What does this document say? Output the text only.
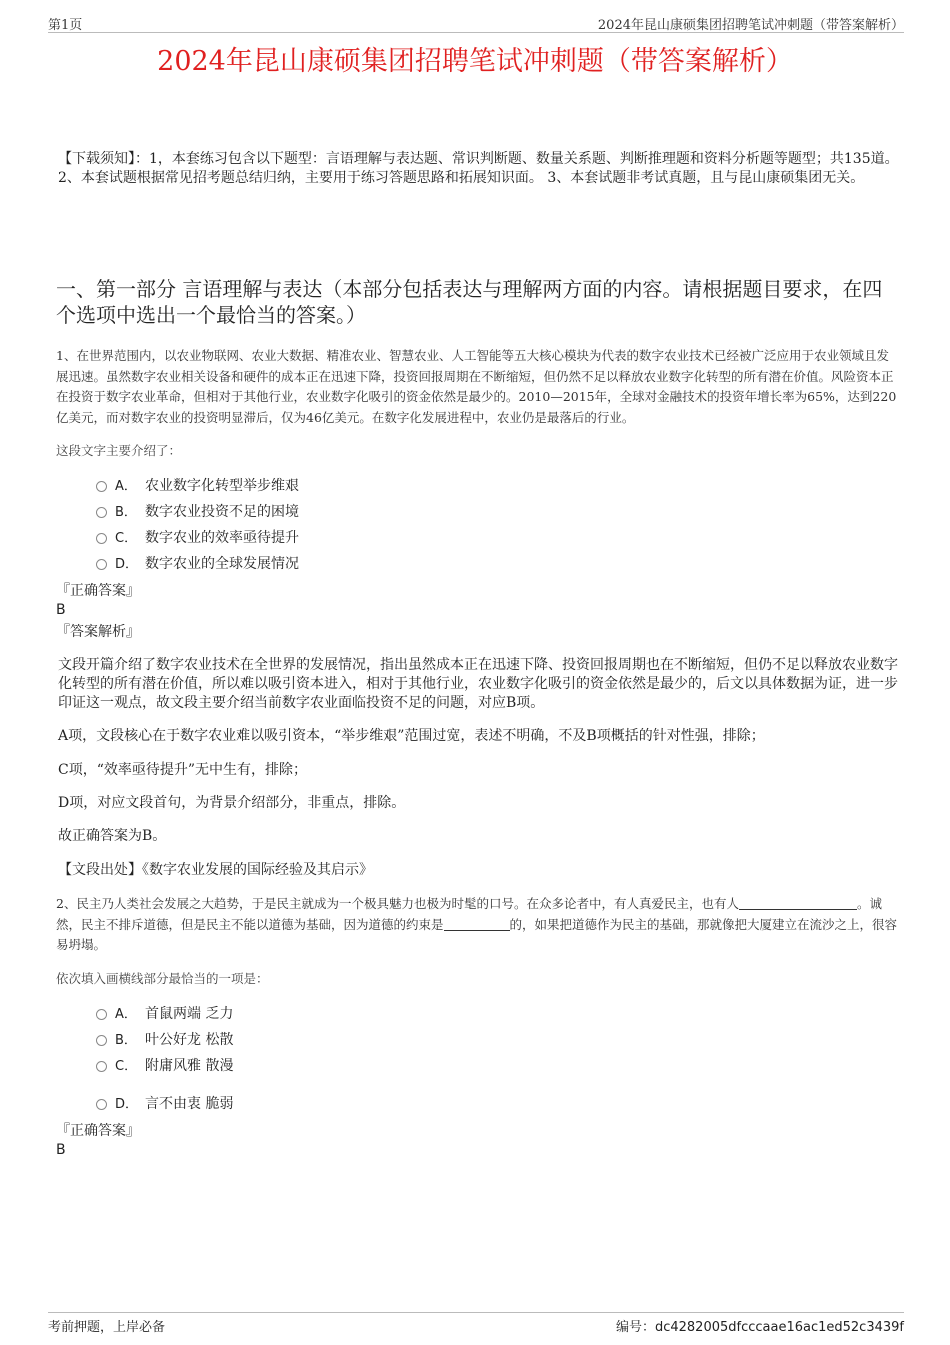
第1页	2024年昆山康硕集团招聘笔试冲刺题（带答案解析）
2024年昆山康硕集团招聘笔试冲刺题（带答案解析）

【下载须知】：1，本套练习包含以下题型：言语理解与表达题、常识判断题、数量关系题、判断推理题和资料分析题等题型；共135道。 2、本套试题根据常见招考题总结归纳，主要用于练习答题思路和拓展知识面。 3、本套试题非考试真题，且与昆山康硕集团无关。

一、第一部分 言语理解与表达（本部分包括表达与理解两方面的内容。请根据题目要求，在四个选项中选出一个最恰当的答案。）

1、在世界范围内，以农业物联网、农业大数据、精准农业、智慧农业、人工智能等五大核心模块为代表的数字农业技术已经被广泛应用于农业领域且发展迅速。虽然数字农业相关设备和硬件的成本正在迅速下降，投资回报周期在不断缩短，但仍然不足以释放农业数字化转型的所有潜在价值。风险资本正在投资于数字农业革命，但相对于其他行业，农业数字化吸引的资金依然是最少的。2010—2015年，全球对金融技术的投资年增长率为65%，达到220亿美元，而对数字农业的投资明显滞后，仅为46亿美元。在数字化发展进程中，农业仍是最落后的行业。

这段文字主要介绍了：

A． 农业数字化转型举步维艰
B． 数字农业投资不足的困境
C． 数字农业的效率亟待提升
D． 数字农业的全球发展情况
『正确答案』
B
『答案解析』

文段开篇介绍了数字农业技术在全世界的发展情况，指出虽然成本正在迅速下降、投资回报周期也在不断缩短，但仍不足以释放农业数字化转型的所有潜在价值，所以难以吸引资本进入，相对于其他行业，农业数字化吸引的资金依然是最少的，后文以具体数据为证，进一步印证这一观点，故文段主要介绍当前数字农业面临投资不足的问题，对应B项。

A项，文段核心在于数字农业难以吸引资本，“举步维艰”范围过宽，表述不明确，不及B项概括的针对性强，排除；

C项，“效率亟待提升”无中生有，排除；

D项，对应文段首句，为背景介绍部分，非重点，排除。

故正确答案为B。

【文段出处】《数字农业发展的国际经验及其启示》

2、民主乃人类社会发展之大趋势，于是民主就成为一个极具魅力也极为时髦的口号。在众多论者中，有人真爱民主，也有人	。诚然，民主不排斥道德，但是民主不能以道德为基础，因为道德的约束是	的，如果把道德作为民主的基础，那就像把大厦建立在流沙之上，很容易坍塌。

依次填入画横线部分最恰当的一项是：

A． 首鼠两端 乏力
B． 叶公好龙 松散
C． 附庸风雅 散漫
D． 言不由衷 脆弱
『正确答案』
B
考前押题，上岸必备	编号：dc4282005dfcccaae16ac1ed52c3439f
